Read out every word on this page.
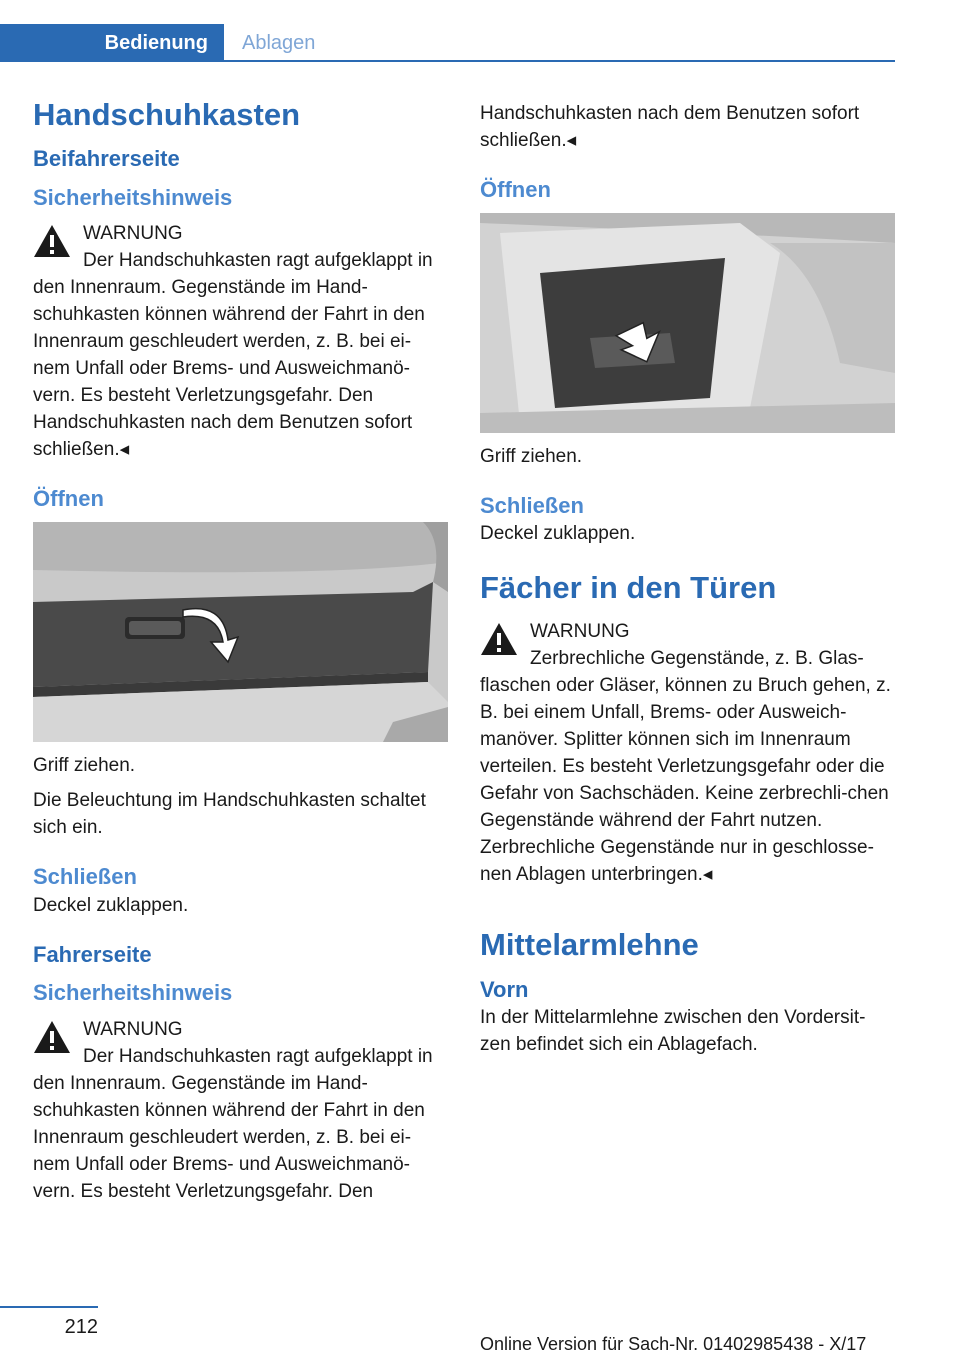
Bedienung	Ablagen
Handschuhkasten
Beifahrerseite
Sicherheitshinweis
WARNUNG

Der Handschuhkasten ragt aufgeklappt in den Innenraum. Gegenstände im Hand-schuhkasten können während der Fahrt in den Innenraum geschleudert werden, z. B. bei ei-nem Unfall oder Brems- und Ausweichmanö-vern. Es besteht Verletzungsgefahr. Den Handschuhkasten nach dem Benutzen sofort schließen.◂

Öffnen

Griff ziehen.

Die Beleuchtung im Handschuhkasten schaltet sich ein.

Schließen

Deckel zuklappen.

Fahrerseite
Sicherheitshinweis
WARNUNG

Der Handschuhkasten ragt aufgeklappt in den Innenraum. Gegenstände im Hand-schuhkasten können während der Fahrt in den Innenraum geschleudert werden, z. B. bei ei-nem Unfall oder Brems- und Ausweichmanö-vern. Es besteht Verletzungsgefahr. Den

Handschuhkasten nach dem Benutzen sofort schließen.◂

Öffnen

Griff ziehen.

Schließen

Deckel zuklappen.

Fächer in den Türen
WARNUNG

Zerbrechliche Gegenstände, z. B. Glas-flaschen oder Gläser, können zu Bruch gehen, z. B. bei einem Unfall, Brems- oder Ausweich-manöver. Splitter können sich im Innenraum verteilen. Es besteht Verletzungsgefahr oder die Gefahr von Sachschäden. Keine zerbrechli-chen Gegenstände während der Fahrt nutzen. Zerbrechliche Gegenstände nur in geschlosse-nen Ablagen unterbringen.◂

Mittelarmlehne
Vorn

In der Mittelarmlehne zwischen den Vordersit-zen befindet sich ein Ablagefach.

212
Online Version für Sach-Nr. 01402985438 - X/17
